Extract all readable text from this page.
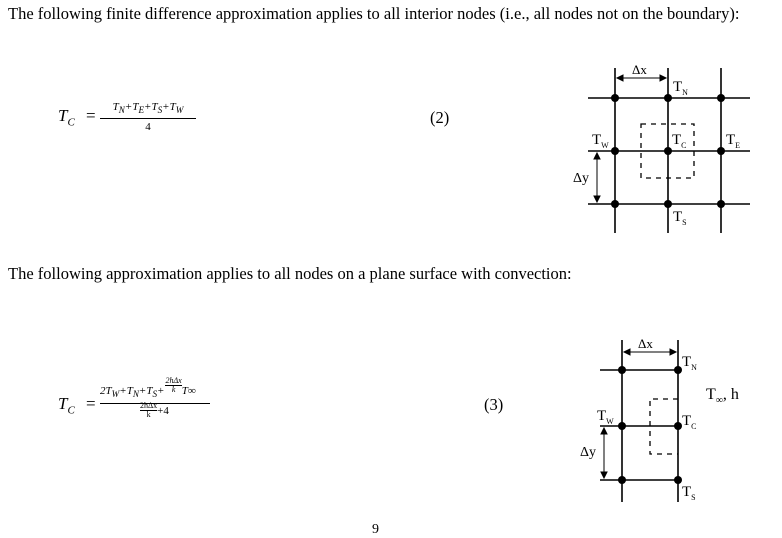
The following finite difference approximation applies to all interior nodes (i.e., all nodes not on the boundary):

$T_C$ =	$T_N+T_E+T_S+T_W$
4	(2)
Δx
Δy
$T_N$
$T_W$	$T_C$	$T_E$
$T_S$

The following approximation applies to all nodes on a plane surface with convection:

$T_C$ =
$2T_W+T_N+T_S+$
2hΔx
k T∞
2hΔx
k +4	(3)
Δx
Δy
$T_N$
$T_W$	$T_C$
$T_S$
$T_\infty$, h
9
